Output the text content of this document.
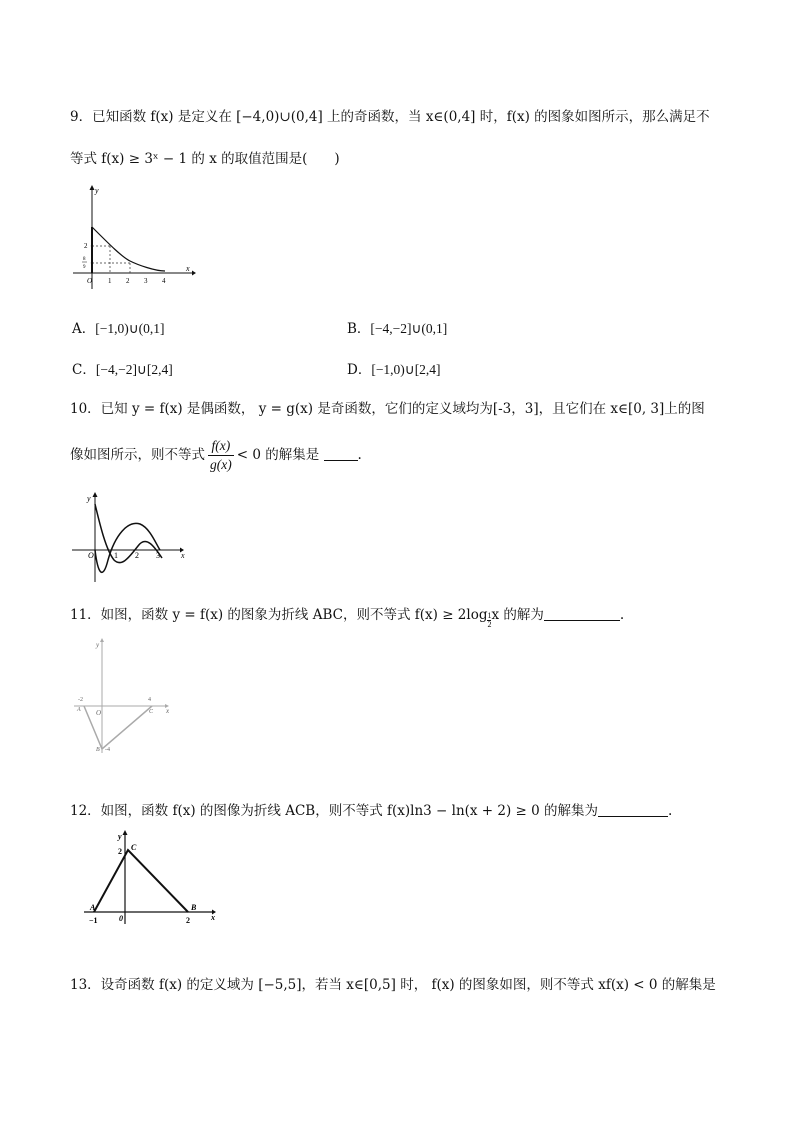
9．已知函数 f(x) 是定义在 [−4,0)∪(0,4] 上的奇函数，当 x∈(0,4] 时，f(x) 的图象如图所示，那么满足不
等式 f(x) ≥ 3ˣ − 1 的 x 的取值范围是(　　)
y
x
O 1 2 3 4
2
8
9
A．[−1,0)∪(0,1]	B．[−4,−2]∪(0,1]
C．[−4,−2]∪[2,4]	D．[−1,0)∪[2,4]
10．已知 y = f(x) 是偶函数， y = g(x) 是奇函数，它们的定义域均为[-3，3]，且它们在 x∈[0, 3]上的图
像如图所示，则不等式 $\frac{f(x)}{g(x)} < 0$ 的解集是	.
y
x
O	1 2 3
11．如图，函数 y = f(x) 的图象为折线 ABC，则不等式 $f(x) \ge 2\log \frac{1}{2}$ x 的解为	.
y
x
O
-2	4
A	C
B -4
12．如图，函数 f(x) 的图像为折线 ACB，则不等式 f(x)ln3 − ln(x + 2) ≥ 0 的解集为	.
y
x
A	B
C
2
−1	0	2
13．设奇函数 f(x) 的定义域为 [−5,5]，若当 x∈[0,5] 时， f(x) 的图象如图，则不等式 xf(x) < 0 的解集是
